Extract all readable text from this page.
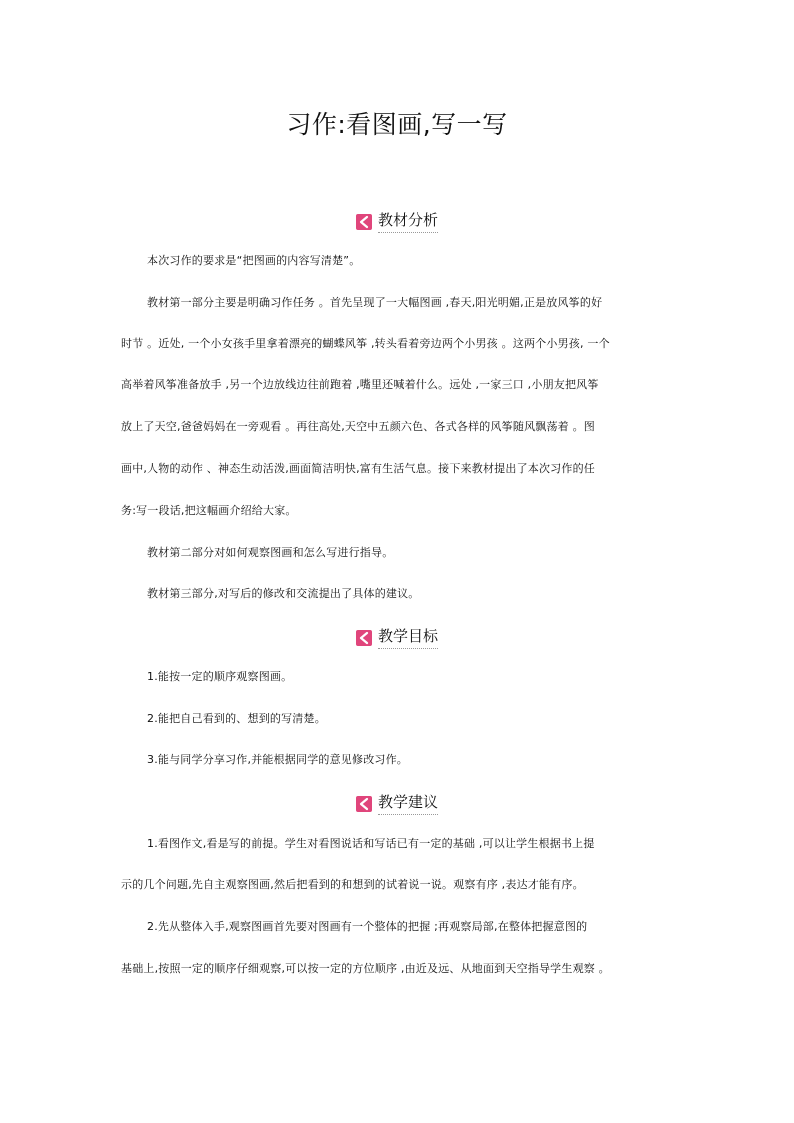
习作:看图画,写一写
教材分析
本次习作的要求是“把图画的内容写清楚”。
教材第一部分主要是明确习作任务 。首先呈现了一大幅图画 ,春天,阳光明媚,正是放风筝的好
时节 。近处, 一个小女孩手里拿着漂亮的蝴蝶风筝 ,转头看着旁边两个小男孩 。这两个小男孩, 一个
高举着风筝准备放手 ,另一个边放线边往前跑着 ,嘴里还喊着什么。远处 ,一家三口 ,小朋友把风筝
放上了天空,爸爸妈妈在一旁观看 。再往高处,天空中五颜六色、各式各样的风筝随风飘荡着 。图
画中,人物的动作 、神态生动活泼,画面简洁明快,富有生活气息。接下来教材提出了本次习作的任
务:写一段话,把这幅画介绍给大家。
教材第二部分对如何观察图画和怎么写进行指导。
教材第三部分,对写后的修改和交流提出了具体的建议。
教学目标
1.能按一定的顺序观察图画。
2.能把自己看到的、想到的写清楚。
3.能与同学分享习作,并能根据同学的意见修改习作。
教学建议
1.看图作文,看是写的前提。学生对看图说话和写话已有一定的基础 ,可以让学生根据书上提
示的几个问题,先自主观察图画,然后把看到的和想到的试着说一说。观察有序 ,表达才能有序。
2.先从整体入手,观察图画首先要对图画有一个整体的把握 ;再观察局部,在整体把握意图的
基础上,按照一定的顺序仔细观察,可以按一定的方位顺序 ,由近及远、从地面到天空指导学生观察 。
